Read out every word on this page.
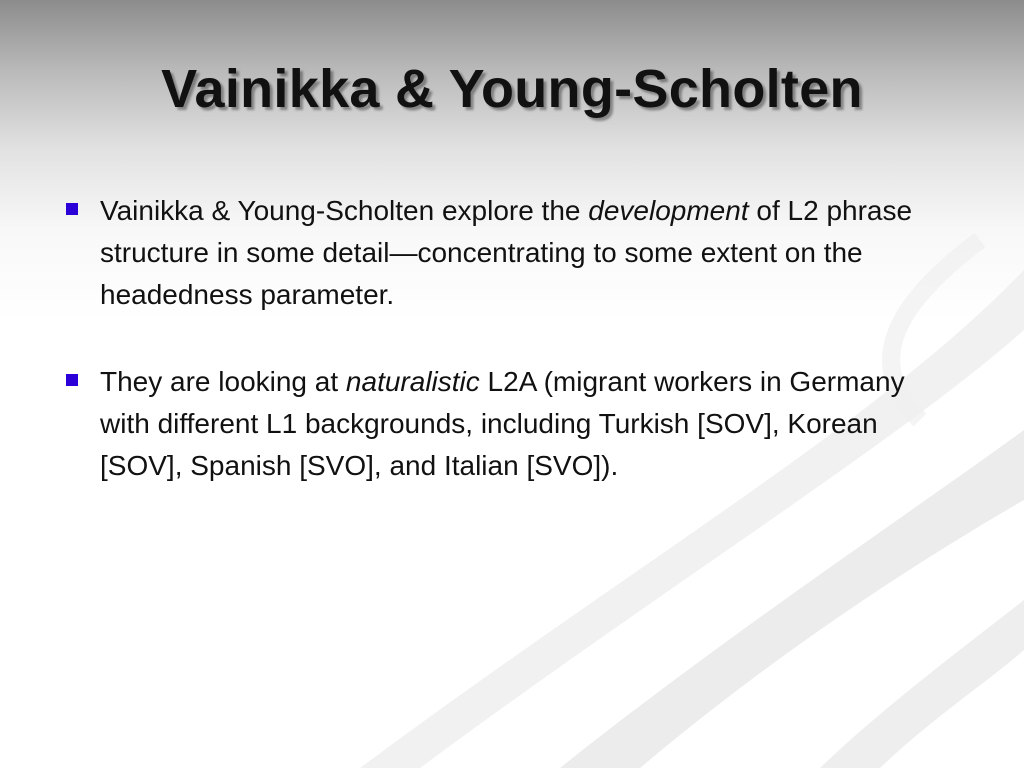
Vainikka & Young-Scholten
Vainikka & Young-Scholten explore the development of L2 phrase structure in some detail—concentrating to some extent on the headedness parameter.
They are looking at naturalistic L2A (migrant workers in Germany with different L1 backgrounds, including Turkish [SOV], Korean [SOV], Spanish [SVO], and Italian [SVO]).
